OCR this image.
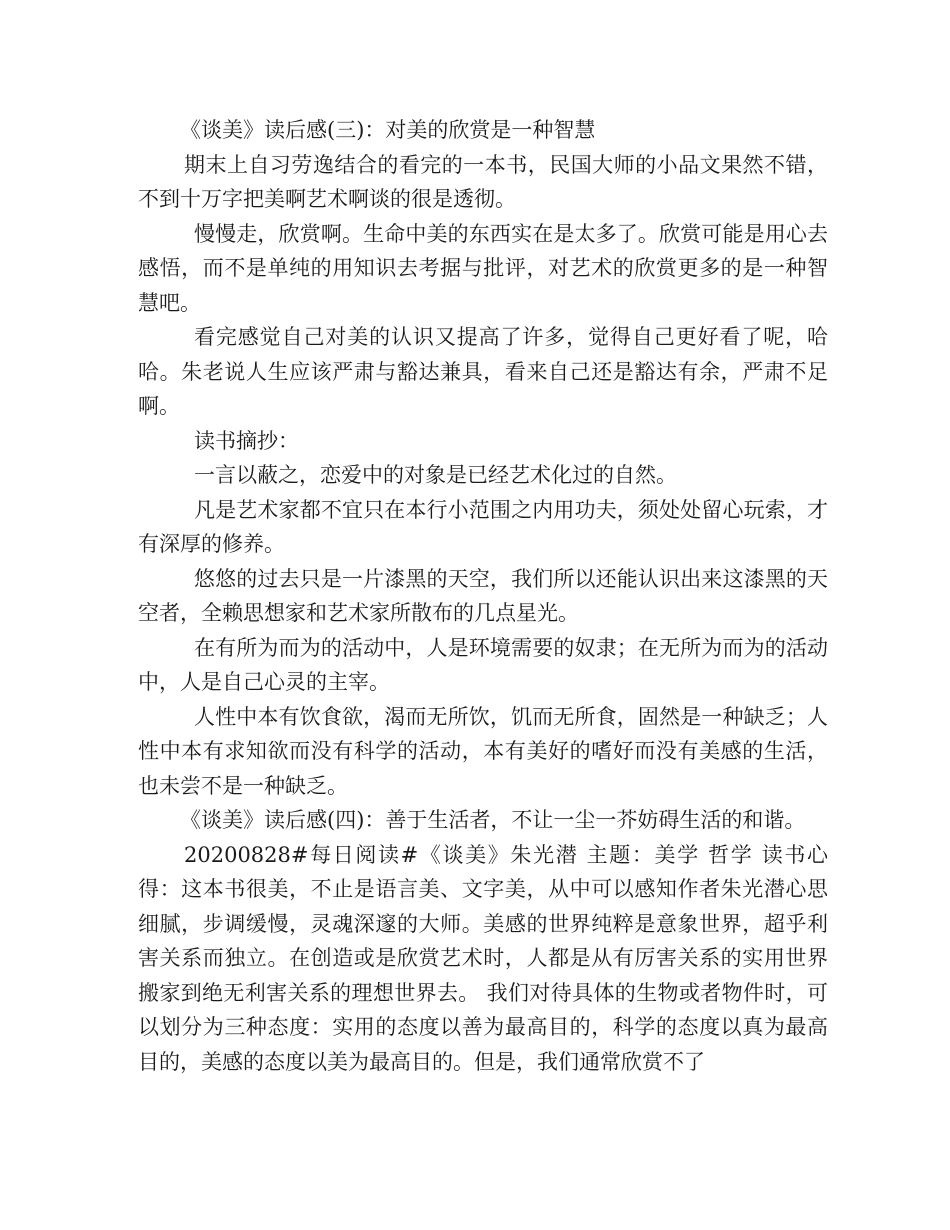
《谈美》读后感(三)：对美的欣赏是一种智慧

期末上自习劳逸结合的看完的一本书，民国大师的小品文果然不错，不到十万字把美啊艺术啊谈的很是透彻。

慢慢走，欣赏啊。生命中美的东西实在是太多了。欣赏可能是用心去感悟，而不是单纯的用知识去考据与批评，对艺术的欣赏更多的是一种智慧吧。

看完感觉自己对美的认识又提高了许多，觉得自己更好看了呢，哈哈。朱老说人生应该严肃与豁达兼具，看来自己还是豁达有余，严肃不足啊。

读书摘抄：

一言以蔽之，恋爱中的对象是已经艺术化过的自然。

凡是艺术家都不宜只在本行小范围之内用功夫，须处处留心玩索，才有深厚的修养。

悠悠的过去只是一片漆黑的天空，我们所以还能认识出来这漆黑的天空者，全赖思想家和艺术家所散布的几点星光。

在有所为而为的活动中，人是环境需要的奴隶；在无所为而为的活动中，人是自己心灵的主宰。

人性中本有饮食欲，渴而无所饮，饥而无所食，固然是一种缺乏；人性中本有求知欲而没有科学的活动，本有美好的嗜好而没有美感的生活，也未尝不是一种缺乏。

《谈美》读后感(四)：善于生活者，不让一尘一芥妨碍生活的和谐。

20200828#每日阅读#《谈美》朱光潜 主题：美学 哲学 读书心得：这本书很美，不止是语言美、文字美，从中可以感知作者朱光潜心思细腻，步调缓慢，灵魂深邃的大师。美感的世界纯粹是意象世界，超乎利害关系而独立。在创造或是欣赏艺术时，人都是从有厉害关系的实用世界搬家到绝无利害关系的理想世界去。 我们对待具体的生物或者物件时，可以划分为三种态度：实用的态度以善为最高目的，科学的态度以真为最高目的，美感的态度以美为最高目的。但是，我们通常欣赏不了
